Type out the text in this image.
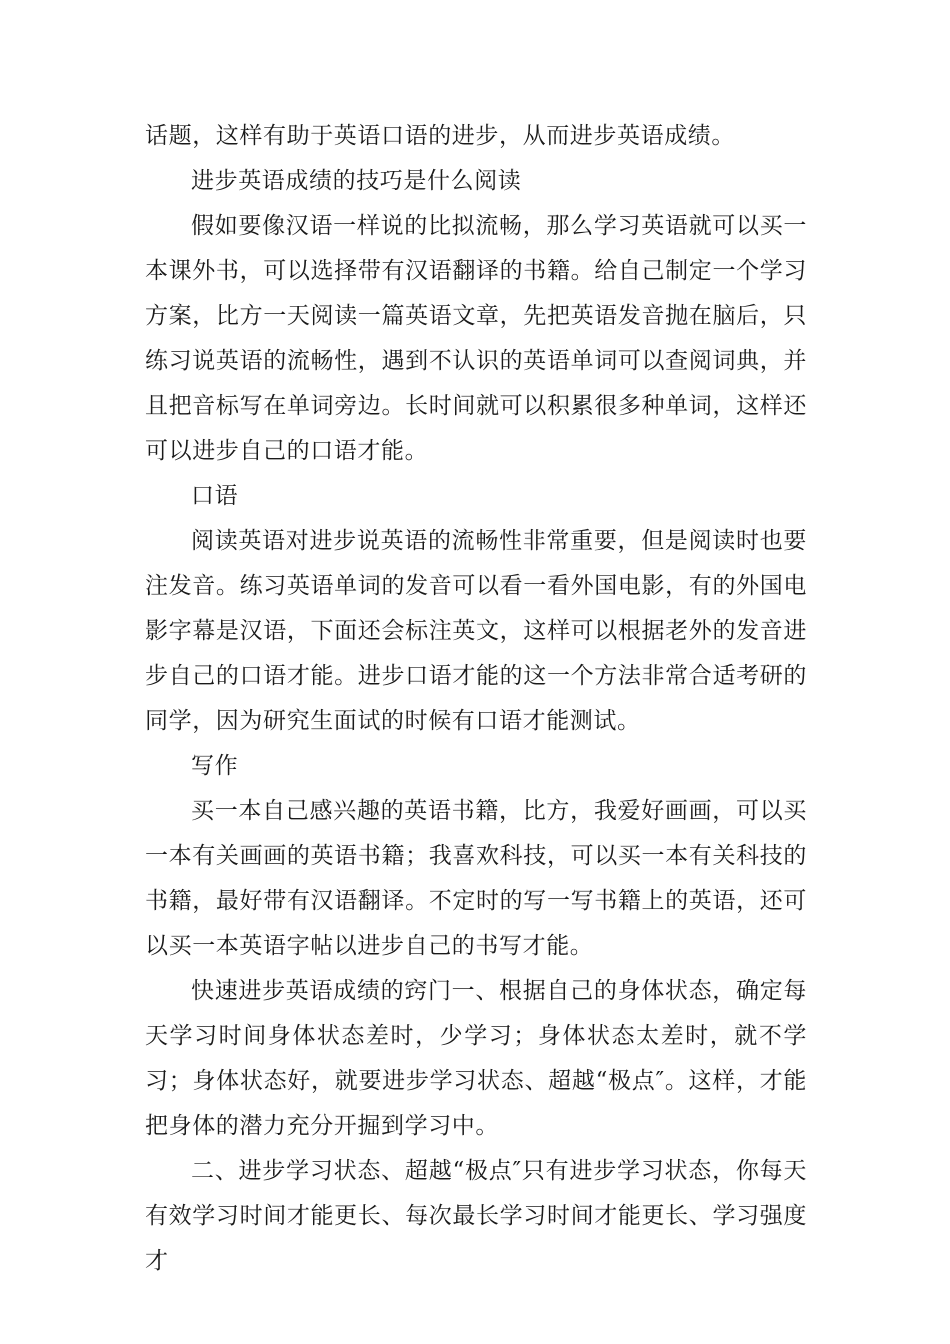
话题，这样有助于英语口语的进步，从而进步英语成绩。

进步英语成绩的技巧是什么阅读

假如要像汉语一样说的比拟流畅，那么学习英语就可以买一本课外书，可以选择带有汉语翻译的书籍。给自己制定一个学习方案，比方一天阅读一篇英语文章，先把英语发音抛在脑后，只练习说英语的流畅性，遇到不认识的英语单词可以查阅词典，并且把音标写在单词旁边。长时间就可以积累很多种单词，这样还可以进步自己的口语才能。

口语

阅读英语对进步说英语的流畅性非常重要，但是阅读时也要注发音。练习英语单词的发音可以看一看外国电影，有的外国电影字幕是汉语，下面还会标注英文，这样可以根据老外的发音进步自己的口语才能。进步口语才能的这一个方法非常合适考研的同学，因为研究生面试的时候有口语才能测试。

写作

买一本自己感兴趣的英语书籍，比方，我爱好画画，可以买一本有关画画的英语书籍；我喜欢科技，可以买一本有关科技的书籍，最好带有汉语翻译。不定时的写一写书籍上的英语，还可以买一本英语字帖以进步自己的书写才能。

快速进步英语成绩的窍门一、根据自己的身体状态，确定每天学习时间身体状态差时，少学习；身体状态太差时，就不学习；身体状态好，就要进步学习状态、超越“极点″。这样，才能把身体的潜力充分开掘到学习中。

二、进步学习状态、超越“极点″只有进步学习状态，你每天有效学习时间才能更长、每次最长学习时间才能更长、学习强度才
